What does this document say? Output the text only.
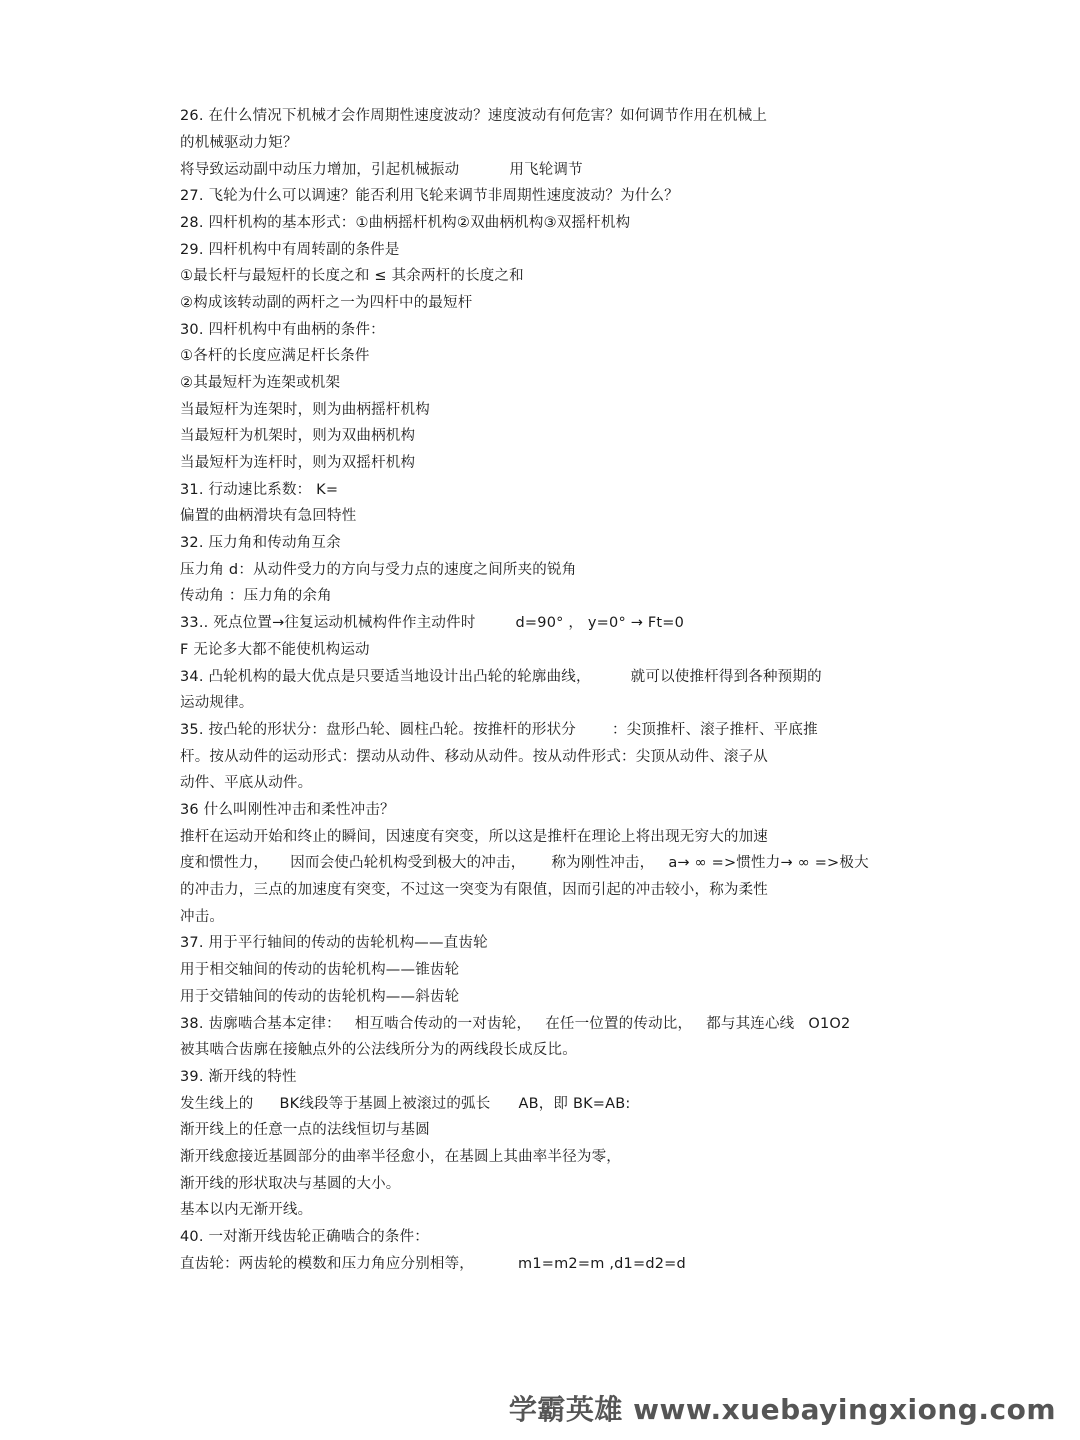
26. 在什么情况下机械才会作周期性速度波动？速度波动有何危害？如何调节作用在机械上
的机械驱动力矩？
将导致运动副中动压力增加，引起机械振动	用飞轮调节
27. 飞轮为什么可以调速？能否利用飞轮来调节非周期性速度波动？为什么？
28. 四杆机构的基本形式：①曲柄摇杆机构②双曲柄机构③双摇杆机构
29. 四杆机构中有周转副的条件是
①最长杆与最短杆的长度之和 ≤ 其余两杆的长度之和
②构成该转动副的两杆之一为四杆中的最短杆
30. 四杆机构中有曲柄的条件：
①各杆的长度应满足杆长条件
②其最短杆为连架或机架
当最短杆为连架时，则为曲柄摇杆机构
当最短杆为机架时，则为双曲柄机构
当最短杆为连杆时，则为双摇杆机构
31. 行动速比系数： K=
偏置的曲柄滑块有急回特性
32. 压力角和传动角互余
压力角 d：从动件受力的方向与受力点的速度之间所夹的锐角
传动角 ：压力角的余角
33.. 死点位置→往复运动机械构件作主动件时	d=90° ， y=0° → Ft=0
F 无论多大都不能使机构运动
34. 凸轮机构的最大优点是只要适当地设计出凸轮的轮廓曲线，	就可以使推杆得到各种预期的
运动规律。
35. 按凸轮的形状分：盘形凸轮、圆柱凸轮。按推杆的形状分 ：尖顶推杆、滚子推杆、平底推
杆。按从动件的运动形式：摆动从动件、移动从动件。按从动件形式：尖顶从动件、滚子从
动件、平底从动件。
36 什么叫刚性冲击和柔性冲击？
推杆在运动开始和终止的瞬间，因速度有突变，所以这是推杆在理论上将出现无穷大的加速
度和惯性力， 因而会使凸轮机构受到极大的冲击， 称为刚性冲击， a→ ∞ =>惯性力→ ∞ =>极大
的冲击力，三点的加速度有突变，不过这一突变为有限值，因而引起的冲击较小，称为柔性
冲击。
37. 用于平行轴间的传动的齿轮机构——直齿轮
用于相交轴间的传动的齿轮机构——锥齿轮
用于交错轴间的传动的齿轮机构——斜齿轮
38. 齿廓啮合基本定律： 相互啮合传动的一对齿轮， 在任一位置的传动比， 都与其连心线 O1O2
被其啮合齿廓在接触点外的公法线所分为的两线段长成反比。
39. 渐开线的特性
发生线上的 BK线段等于基圆上被滚过的弧长 AB，即 BK=AB:
渐开线上的任意一点的法线恒切与基圆
渐开线愈接近基圆部分的曲率半径愈小，在基圆上其曲率半径为零，
渐开线的形状取决与基圆的大小。
基本以内无渐开线。
40. 一对渐开线齿轮正确啮合的条件：
直齿轮：两齿轮的模数和压力角应分别相等，	m1=m2=m ,d1=d2=d
学霸英雄 www.xuebayingxiong.com
